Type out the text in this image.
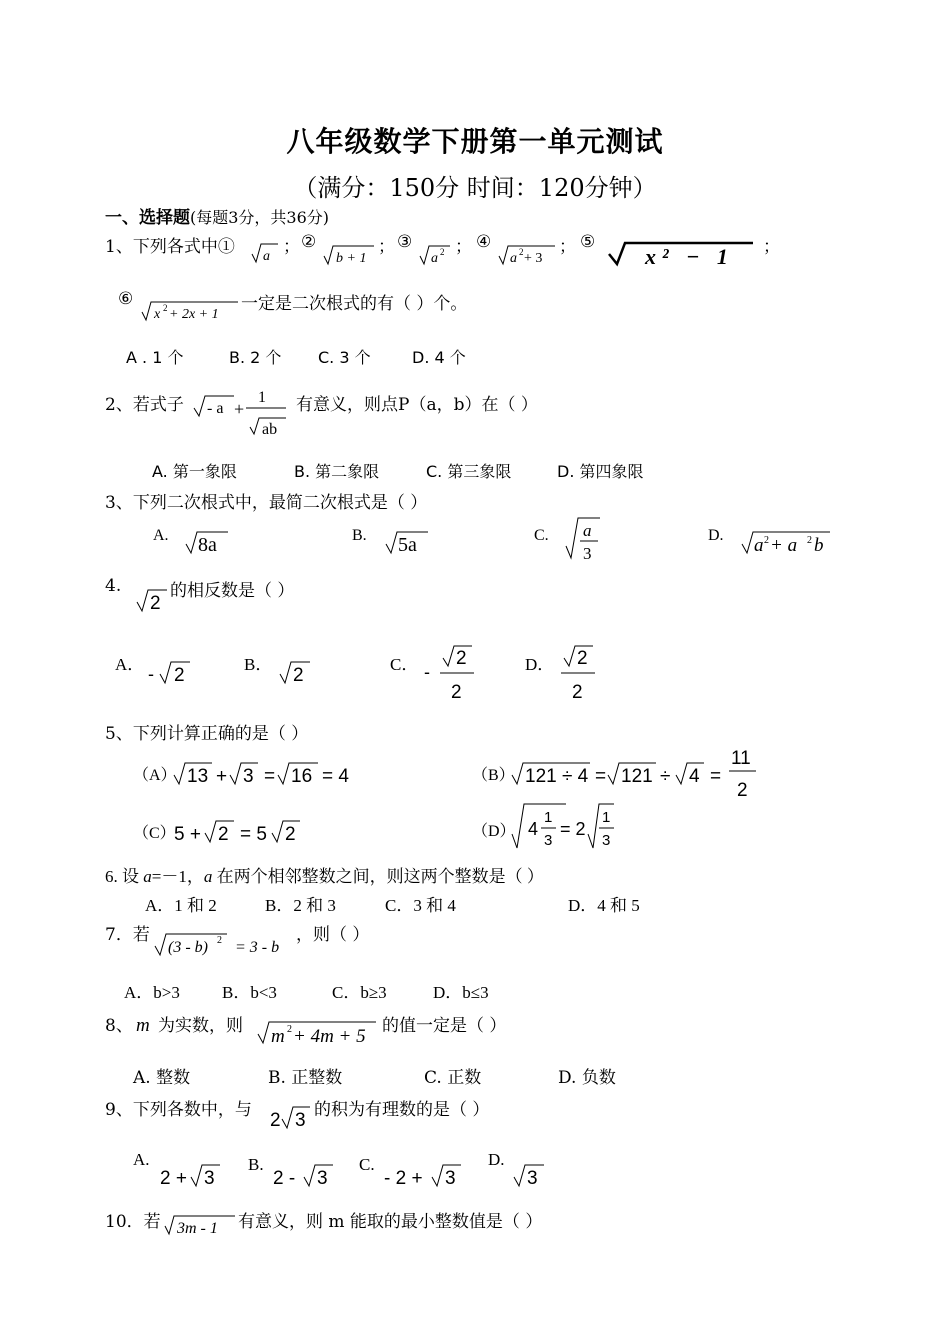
八年级数学下册第一单元测试
（满分：150分 时间：120分钟）
一、选择题(每题3分，共36分)
1、下列各式中① a ； ②
b + 1
； ③
a 2 ； ④
a 2 + 3
； ⑤
x² − 1 ；
⑥
x 2 + 2x + 1
一定是二次根式的有（ ）个。
A . 1 个	B. 2 个 C. 3 个	D. 4 个
2、若式子 - a +
1
ab
有意义，则点P（a，b）在（ ）
A. 第一象限	B. 第二象限	C. 第三象限	D. 第四象限
3、下列二次根式中，最简二次根式是（ ）
A. 8a	B. 5a	C. a
3
D. a 2 + a 2 b
4.
2
的相反数是（ ）
A． - 2
B．
2
C． -
2
2
D． 2
2
5、下列计算正确的是（ ）
（A） 13 + 3 = 16 = 4	（B） 121 ÷ 4 = 121 ÷ 4 =
11
2
（C）
5 + 2 = 5 2	（D） 4
1
3
= 2
1
3
6. 设 a=－1，a 在两个相邻整数之间，则这两个整数是（ ）
A．1 和 2	B．2 和 3	C．3 和 4	D．4 和 5
7．若
(3 - b) 2 = 3 - b
，则（ ）
A．b>3 B．b<3	C．b≥3	D．b≤3
8、 m 为实数，则 m 2 + 4m + 5 的值一定是（ ）
A. 整数	B. 正整数	C. 正数	D. 负数
9、下列各数中，与 2 3 的积为有理数的是（ ）
A.
2 + 3
B.
2 - 3
C.
- 2 + 3
D.
3
10．若 3m - 1 有意义，则 m 能取的最小整数值是（ ）
